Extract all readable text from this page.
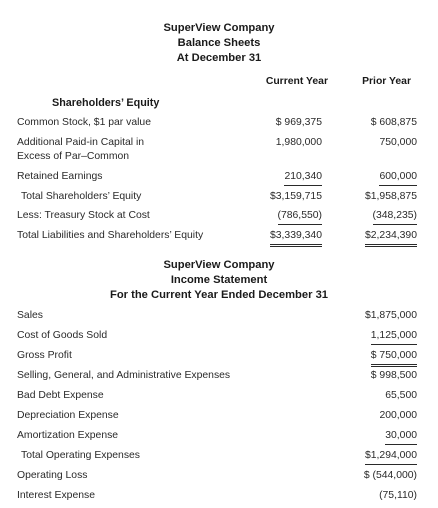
SuperView Company
Balance Sheets
At December 31
Current Year	Prior Year
Shareholders’ Equity
Common Stock, $1 par value	$ 969,375	$ 608,875
Additional Paid-in Capital in	1,980,000	750,000
Excess of Par–Common
Retained Earnings	210,340	600,000
Total Shareholders’ Equity	$3,159,715	$1,958,875
Less: Treasury Stock at Cost	(786,550)	(348,235)
Total Liabilities and Shareholders’ Equity	$3,339,340	$2,234,390
SuperView Company
Income Statement
For the Current Year Ended December 31
Sales	$1,875,000
Cost of Goods Sold	1,125,000
Gross Profit	$ 750,000
Selling, General, and Administrative Expenses	$ 998,500
Bad Debt Expense	65,500
Depreciation Expense	200,000
Amortization Expense	30,000
Total Operating Expenses	$1,294,000
Operating Loss	$ (544,000)
Interest Expense	(75,110)
